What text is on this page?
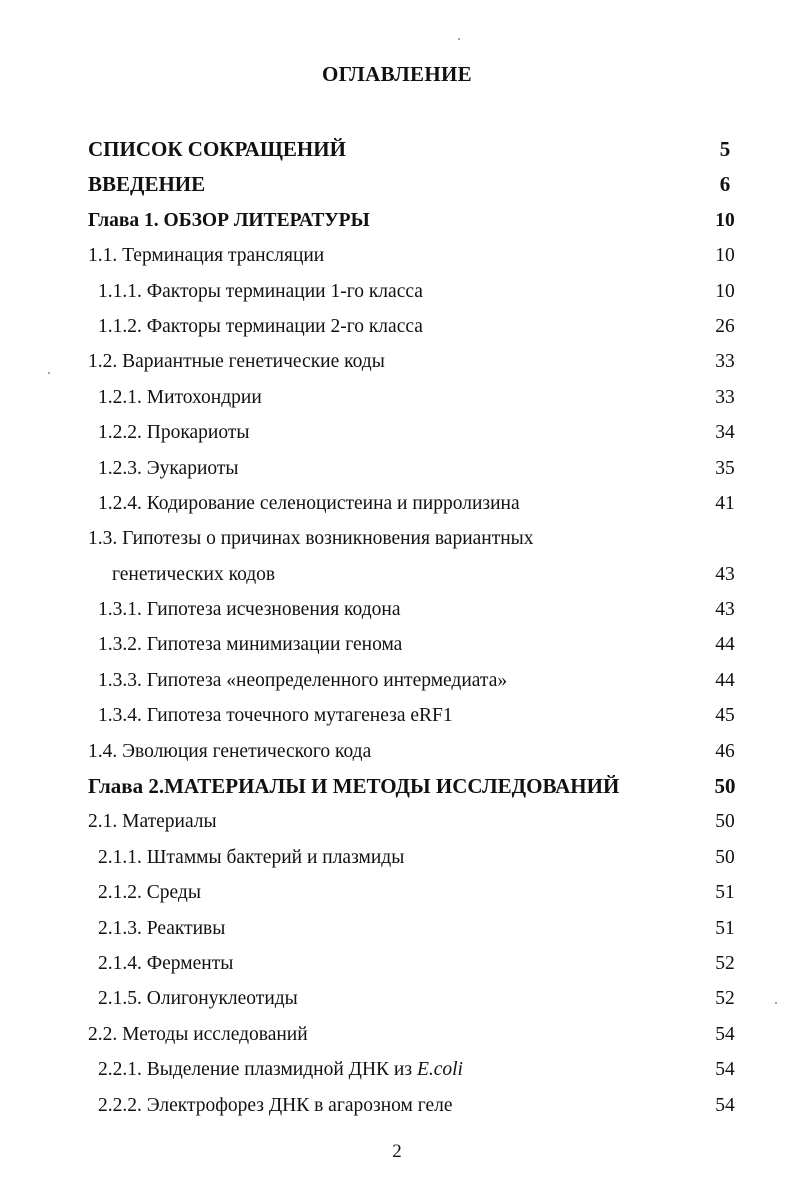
ОГЛАВЛЕНИЕ
СПИСОК СОКРАЩЕНИЙ	5
ВВЕДЕНИЕ	6
Глава 1. ОБЗОР ЛИТЕРАТУРЫ	10
1.1. Терминация трансляции	10
1.1.1. Факторы терминации 1-го класса	10
1.1.2. Факторы терминации 2-го класса	26
1.2. Вариантные генетические коды	33
1.2.1. Митохондрии	33
1.2.2. Прокариоты	34
1.2.3. Эукариоты	35
1.2.4. Кодирование селеноцистеина и пирролизина	41
1.3. Гипотезы о причинах возникновения вариантных
генетических кодов	43
1.3.1. Гипотеза исчезновения кодона	43
1.3.2. Гипотеза минимизации генома	44
1.3.3. Гипотеза «неопределенного интермедиата»	44
1.3.4. Гипотеза точечного мутагенеза eRF1	45
1.4. Эволюция генетического кода	46
Глава 2.МАТЕРИАЛЫ И МЕТОДЫ ИССЛЕДОВАНИЙ	50
2.1. Материалы	50
2.1.1. Штаммы бактерий и плазмиды	50
2.1.2. Среды	51
2.1.3. Реактивы	51
2.1.4. Ферменты	52
2.1.5. Олигонуклеотиды	52
2.2. Методы исследований	54
2.2.1. Выделение плазмидной ДНК из E.coli	54
2.2.2. Электрофорез ДНК в агарозном геле	54
2
